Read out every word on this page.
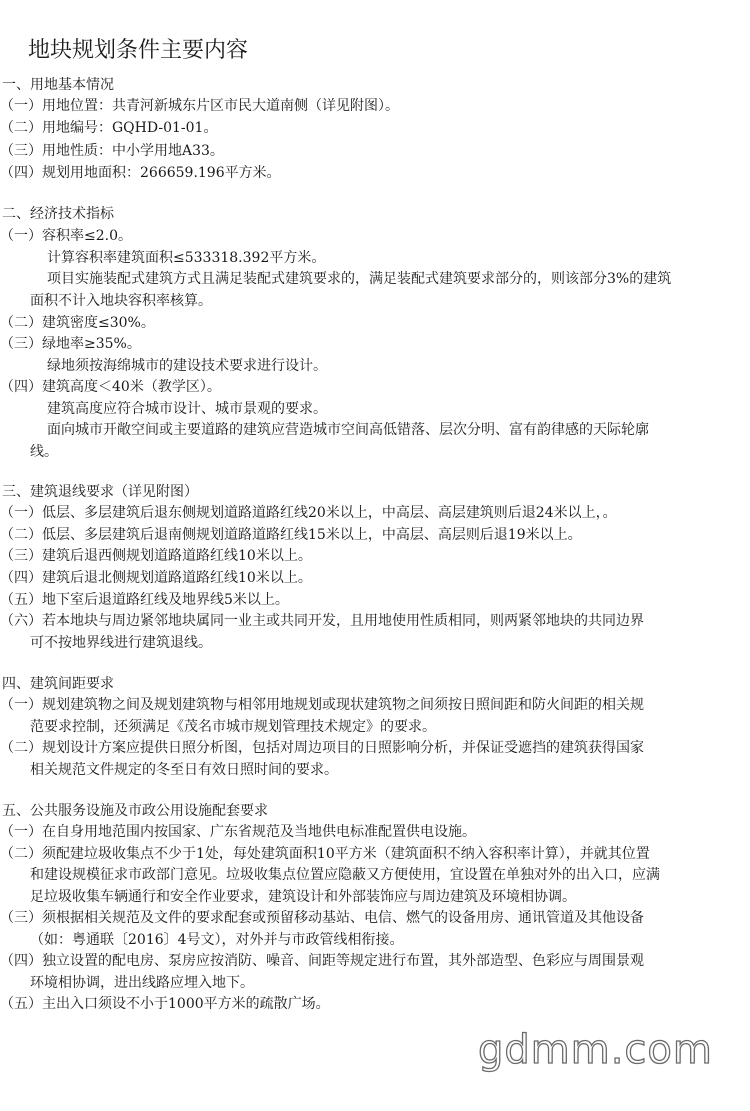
地块规划条件主要内容
一、用地基本情况
（一）用地位置：共青河新城东片区市民大道南侧（详见附图）。
（二）用地编号：GQHD-01-01。
（三）用地性质：中小学用地A33。
（四）规划用地面积：266659.196平方米。
二、经济技术指标
（一）容积率≤2.0。
计算容积率建筑面积≤533318.392平方米。
项目实施装配式建筑方式且满足装配式建筑要求的，满足装配式建筑要求部分的，则该部分3%的建筑
面积不计入地块容积率核算。
（二）建筑密度≤30%。
（三）绿地率≥35%。
绿地须按海绵城市的建设技术要求进行设计。
（四）建筑高度＜40米（教学区）。
建筑高度应符合城市设计、城市景观的要求。
面向城市开敞空间或主要道路的建筑应营造城市空间高低错落、层次分明、富有韵律感的天际轮廓
线。
三、建筑退线要求（详见附图）
（一）低层、多层建筑后退东侧规划道路道路红线20米以上，中高层、高层建筑则后退24米以上，。
（二）低层、多层建筑后退南侧规划道路道路红线15米以上，中高层、高层则后退19米以上。
（三）建筑后退西侧规划道路道路红线10米以上。
（四）建筑后退北侧规划道路道路红线10米以上。
（五）地下室后退道路红线及地界线5米以上。
（六）若本地块与周边紧邻地块属同一业主或共同开发，且用地使用性质相同，则两紧邻地块的共同边界
可不按地界线进行建筑退线。
四、建筑间距要求
（一）规划建筑物之间及规划建筑物与相邻用地规划或现状建筑物之间须按日照间距和防火间距的相关规
范要求控制，还须满足《茂名市城市规划管理技术规定》的要求。
（二）规划设计方案应提供日照分析图，包括对周边项目的日照影响分析，并保证受遮挡的建筑获得国家
相关规范文件规定的冬至日有效日照时间的要求。
五、公共服务设施及市政公用设施配套要求
（一）在自身用地范围内按国家、广东省规范及当地供电标准配置供电设施。
（二）须配建垃圾收集点不少于1处，每处建筑面积10平方米（建筑面积不纳入容积率计算），并就其位置
和建设规模征求市政部门意见。垃圾收集点位置应隐蔽又方便使用，宜设置在单独对外的出入口，应满
足垃圾收集车辆通行和安全作业要求，建筑设计和外部装饰应与周边建筑及环境相协调。
（三）须根据相关规范及文件的要求配套或预留移动基站、电信、燃气的设备用房、通讯管道及其他设备
（如：粤通联〔2016〕4号文），对外并与市政管线相衔接。
（四）独立设置的配电房、泵房应按消防、噪音、间距等规定进行布置，其外部造型、色彩应与周围景观
环境相协调，进出线路应埋入地下。
（五）主出入口须设不小于1000平方米的疏散广场。
gdmm.com
